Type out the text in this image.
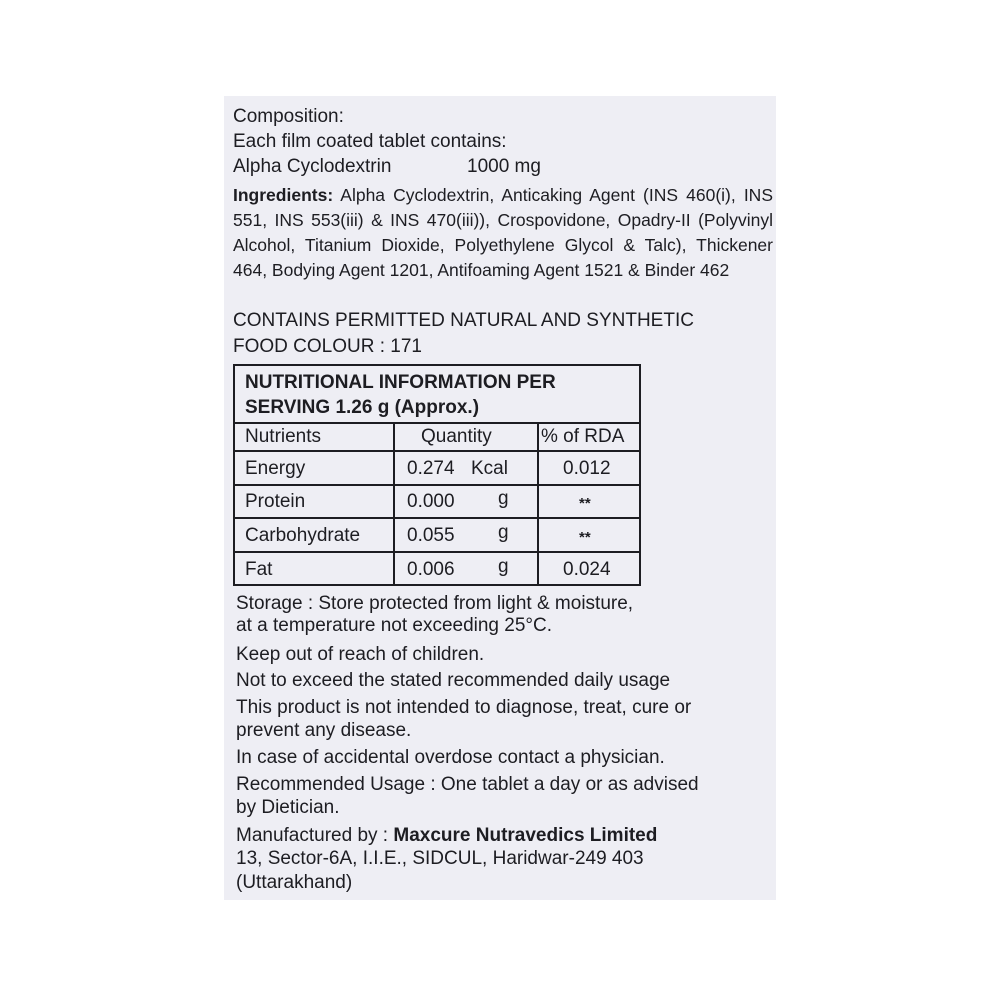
Composition:
Each film coated tablet contains:
Alpha Cyclodextrin	1000 mg
Ingredients: Alpha Cyclodextrin, Anticaking Agent (INS 460(i), INS 551, INS 553(iii) & INS 470(iii)), Crospovidone, Opadry-II (Polyvinyl Alcohol, Titanium Dioxide, Polyethylene Glycol & Talc), Thickener 464, Bodying Agent 1201, Antifoaming Agent 1521 & Binder 462
CONTAINS PERMITTED NATURAL AND SYNTHETIC
FOOD COLOUR : 171
NUTRITIONAL INFORMATION PER
SERVING 1.26 g (Approx.)
Nutrients	Quantity	% of RDA
Energy	0.274 Kcal	0.012
Protein	0.000 g	**
Carbohydrate 0.055 g	**
Fat	0.006 g	0.024
Storage : Store protected from light & moisture,
at a temperature not exceeding 25°C.
Keep out of reach of children.
Not to exceed the stated recommended daily usage
This product is not intended to diagnose, treat, cure or
prevent any disease.
In case of accidental overdose contact a physician.
Recommended Usage : One tablet a day or as advised
by Dietician.
Manufactured by : Maxcure Nutravedics Limited
13, Sector-6A, I.I.E., SIDCUL, Haridwar-249 403
(Uttarakhand)
